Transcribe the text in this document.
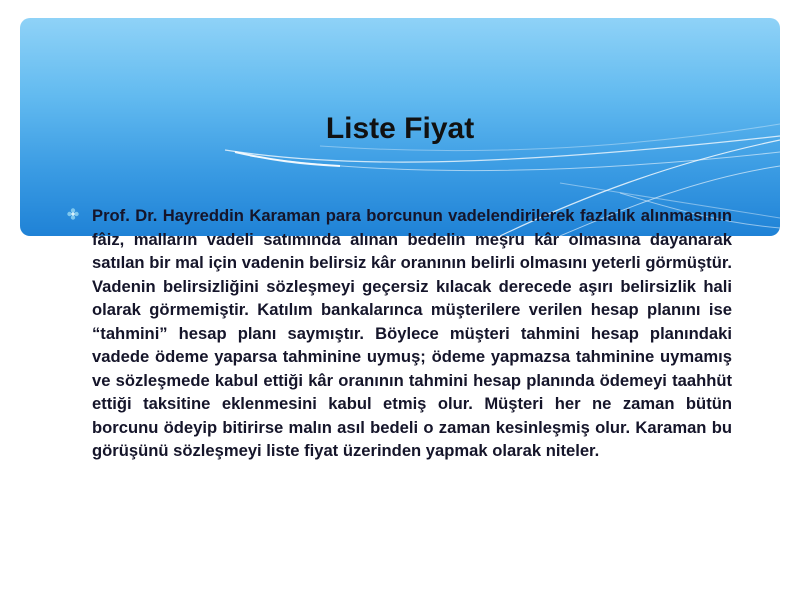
Liste Fiyat

Prof. Dr. Hayreddin Karaman para borcunun vadelendirilerek fazlalık alınmasının fâiz, malların vadeli satımında alınan bedelin meşru kâr olmasına dayanarak satılan bir mal için vadenin belirsiz kâr oranının belirli olmasını yeterli görmüştür. Vadenin belirsizliğini sözleşmeyi geçersiz kılacak derecede aşırı belirsizlik hali olarak görmemiştir. Katılım bankalarınca müşterilere verilen hesap planını ise “tahmini” hesap planı saymıştır. Böylece müşteri tahmini hesap planındaki vadede ödeme yaparsa tahminine uymuş; ödeme yapmazsa tahminine uymamış ve sözleşmede kabul ettiği kâr oranının tahmini hesap planında ödemeyi taahhüt ettiği taksitine eklenmesini kabul etmiş olur. Müşteri her ne zaman bütün borcunu ödeyip bitirirse malın asıl bedeli o zaman kesinleşmiş olur. Karaman bu görüşünü sözleşmeyi liste fiyat üzerinden yapmak olarak niteler.
